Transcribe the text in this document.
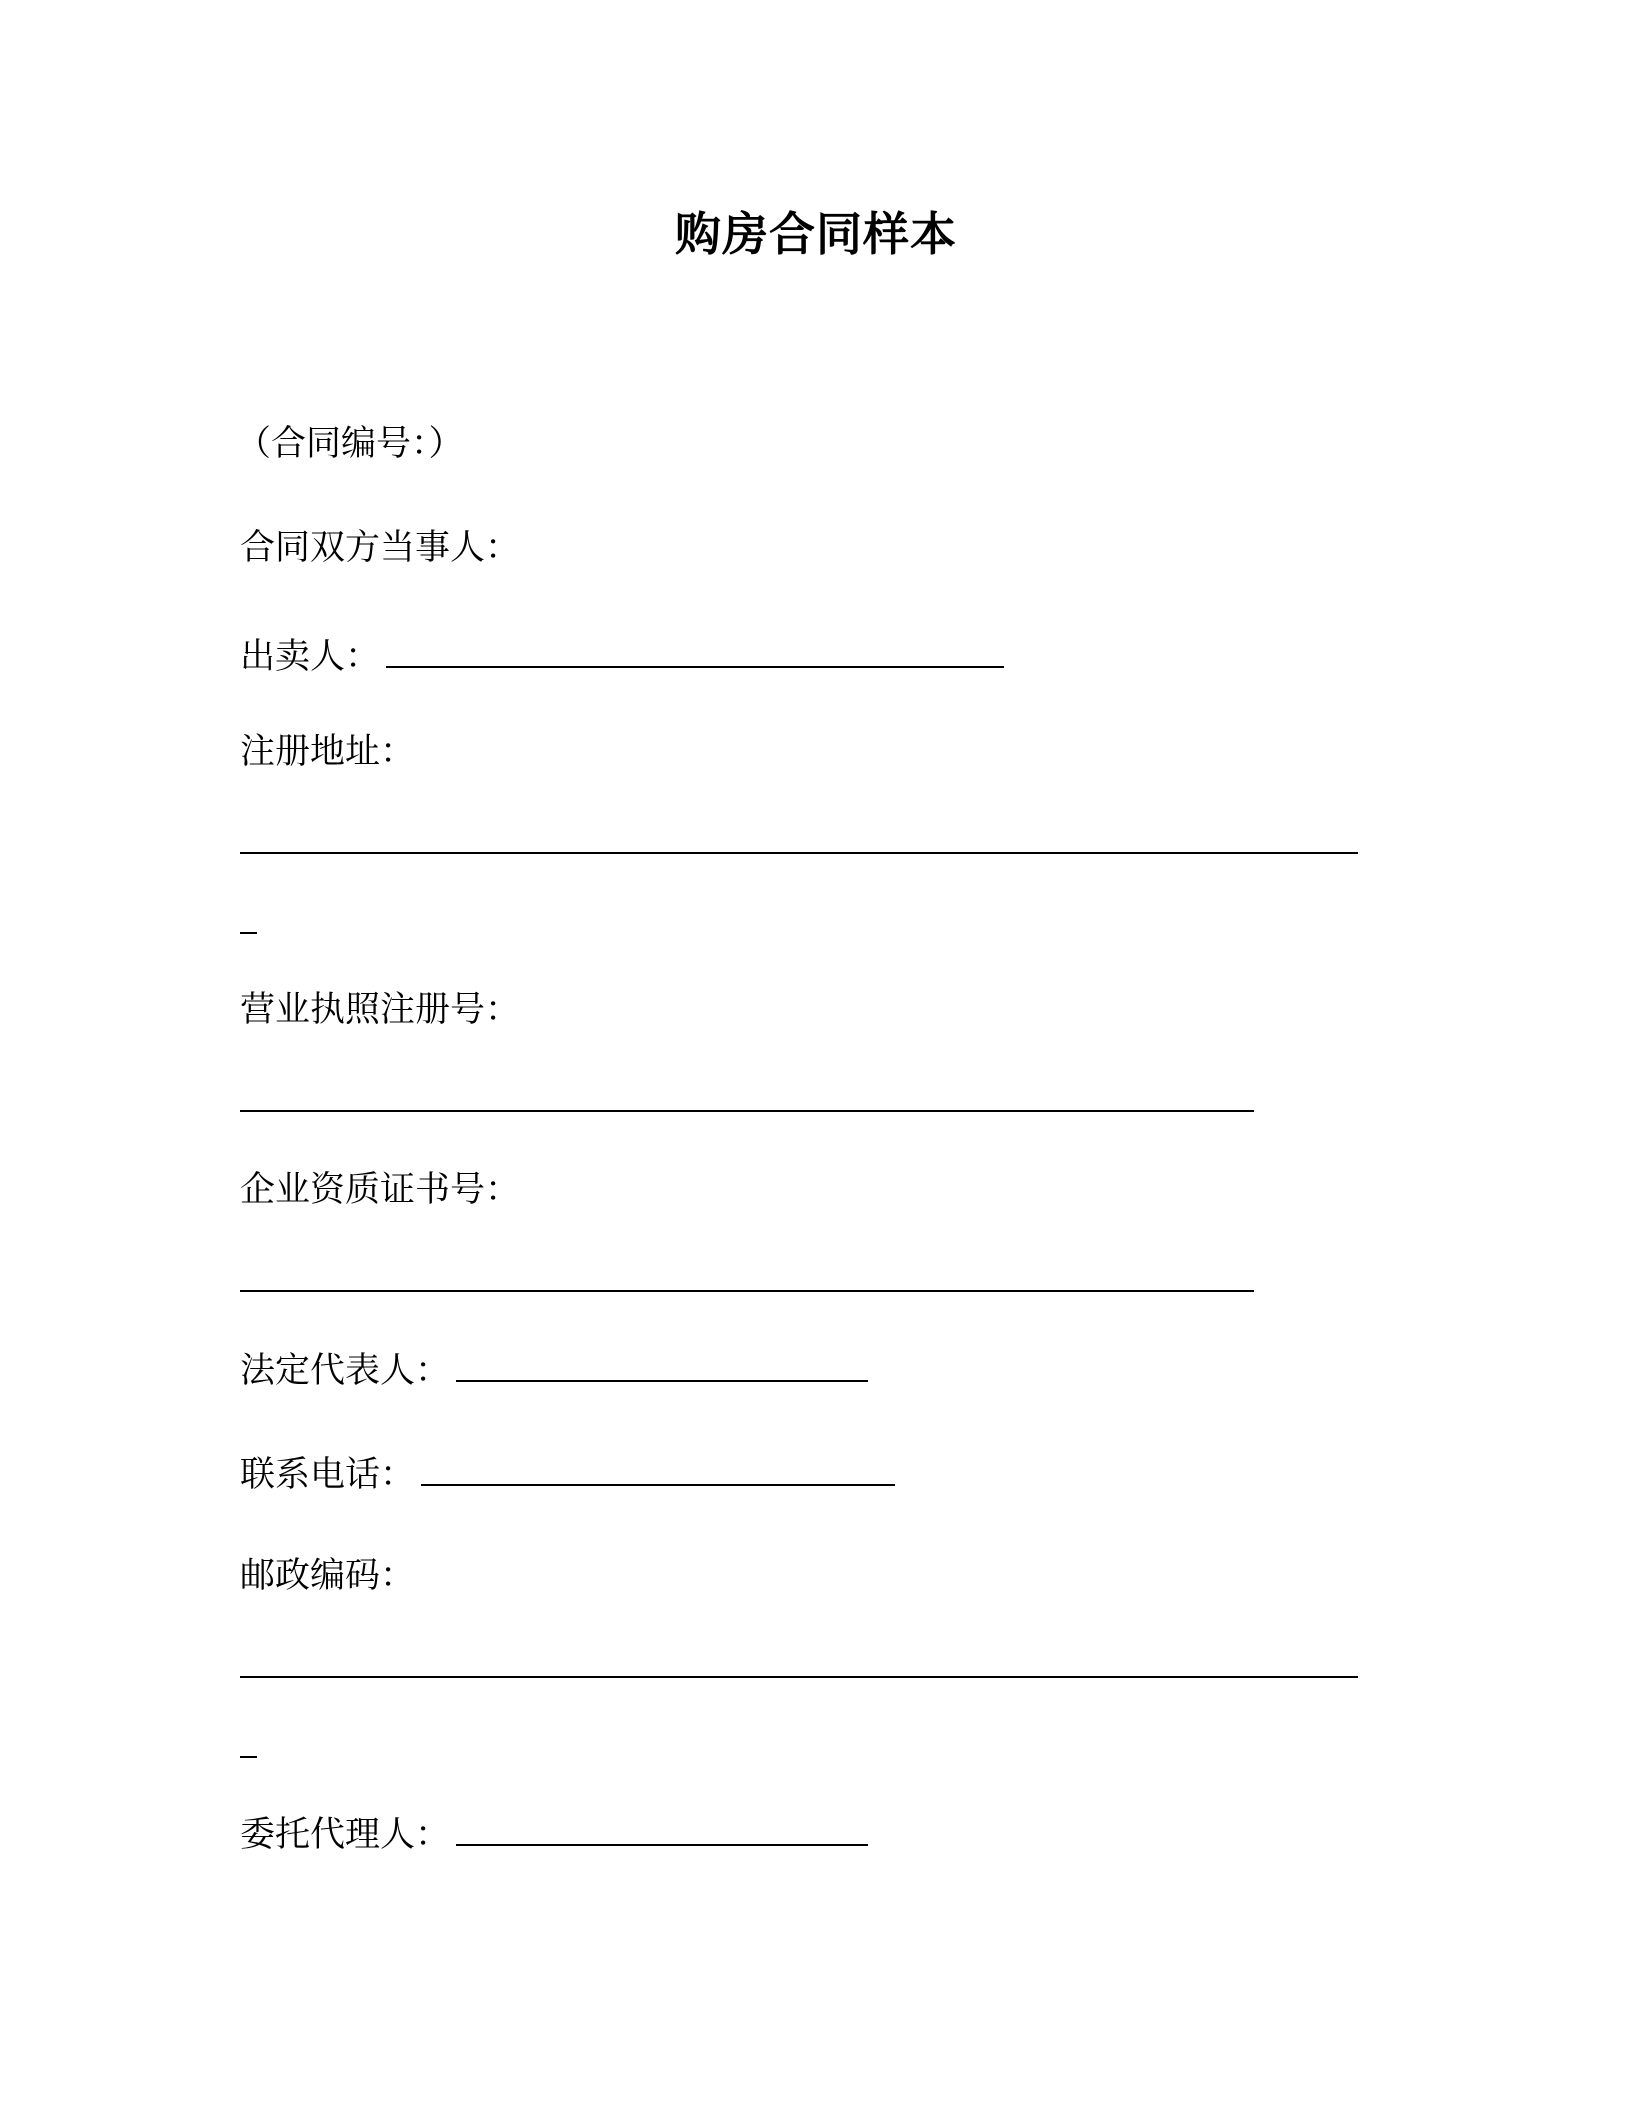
购房合同样本
（合同编号：）
合同双方当事人：
出卖人：
注册地址：
营业执照注册号：
企业资质证书号：
法定代表人：
联系电话：
邮政编码：
委托代理人：
